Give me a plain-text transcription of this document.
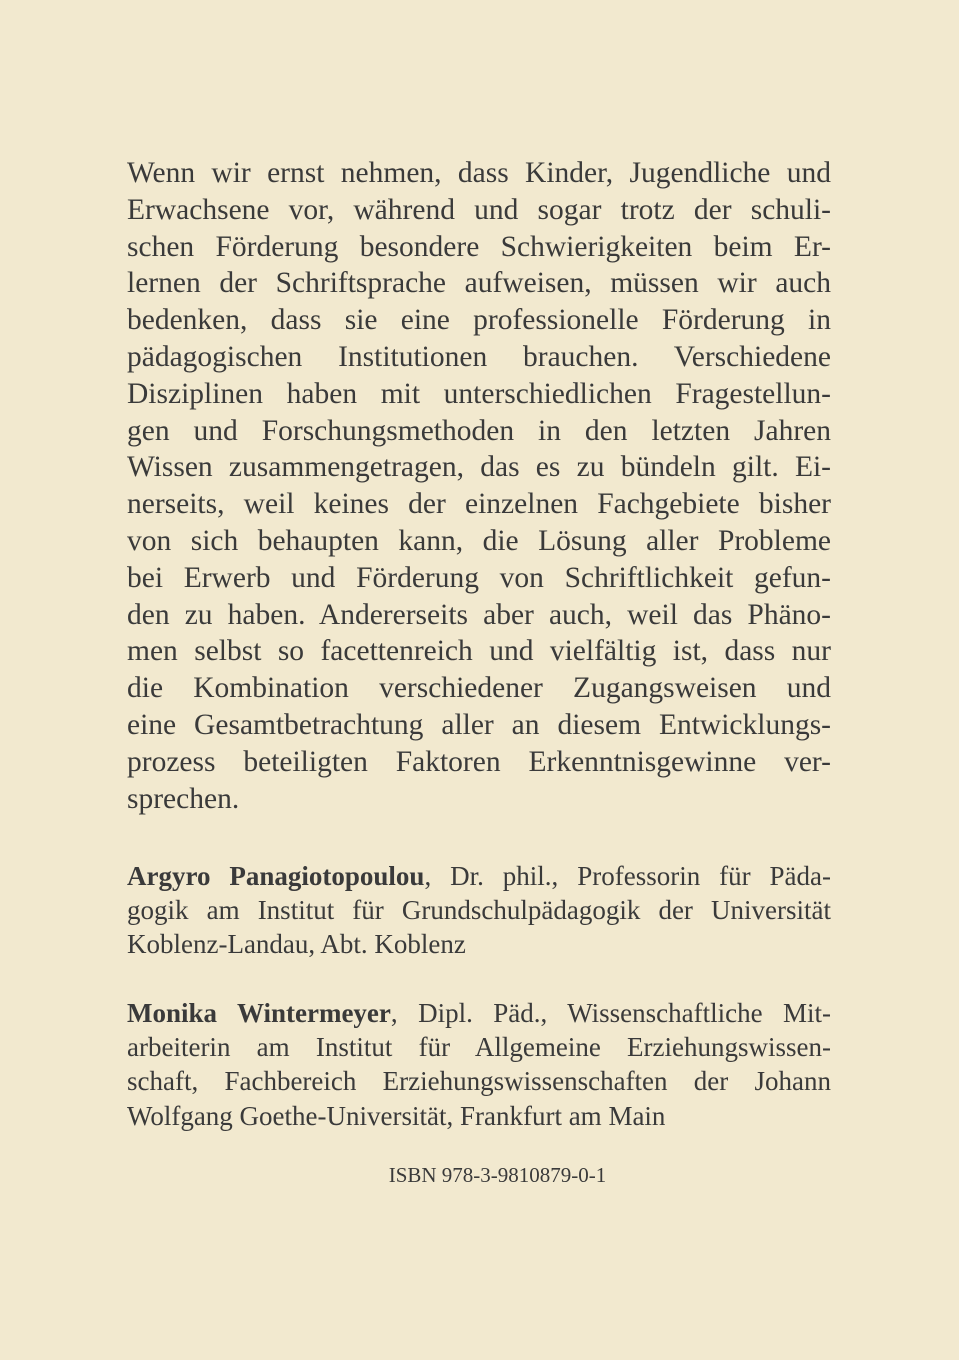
Wenn wir ernst nehmen, dass Kinder, Jugendliche und
Erwachsene vor, während und sogar trotz der schuli-
schen Förderung besondere Schwierigkeiten beim Er-
lernen der Schriftsprache aufweisen, müssen wir auch
bedenken, dass sie eine professionelle Förderung in
pädagogischen Institutionen brauchen. Verschiedene
Disziplinen haben mit unterschiedlichen Fragestellun-
gen und Forschungsmethoden in den letzten Jahren
Wissen zusammengetragen, das es zu bündeln gilt. Ei-
nerseits, weil keines der einzelnen Fachgebiete bisher
von sich behaupten kann, die Lösung aller Probleme
bei Erwerb und Förderung von Schriftlichkeit gefun-
den zu haben. Andererseits aber auch, weil das Phäno-
men selbst so facettenreich und vielfältig ist, dass nur
die Kombination verschiedener Zugangsweisen und
eine Gesamtbetrachtung aller an diesem Entwicklungs-
prozess beteiligten Faktoren Erkenntnisgewinne ver-
sprechen.
Argyro Panagiotopoulou, Dr. phil., Professorin für Päda-
gogik am Institut für Grundschulpädagogik der Universität
Koblenz-Landau, Abt. Koblenz
Monika Wintermeyer, Dipl. Päd., Wissenschaftliche Mit-
arbeiterin am Institut für Allgemeine Erziehungswissen-
schaft, Fachbereich Erziehungswissenschaften der Johann
Wolfgang Goethe-Universität, Frankfurt am Main
ISBN 978-3-9810879-0-1
